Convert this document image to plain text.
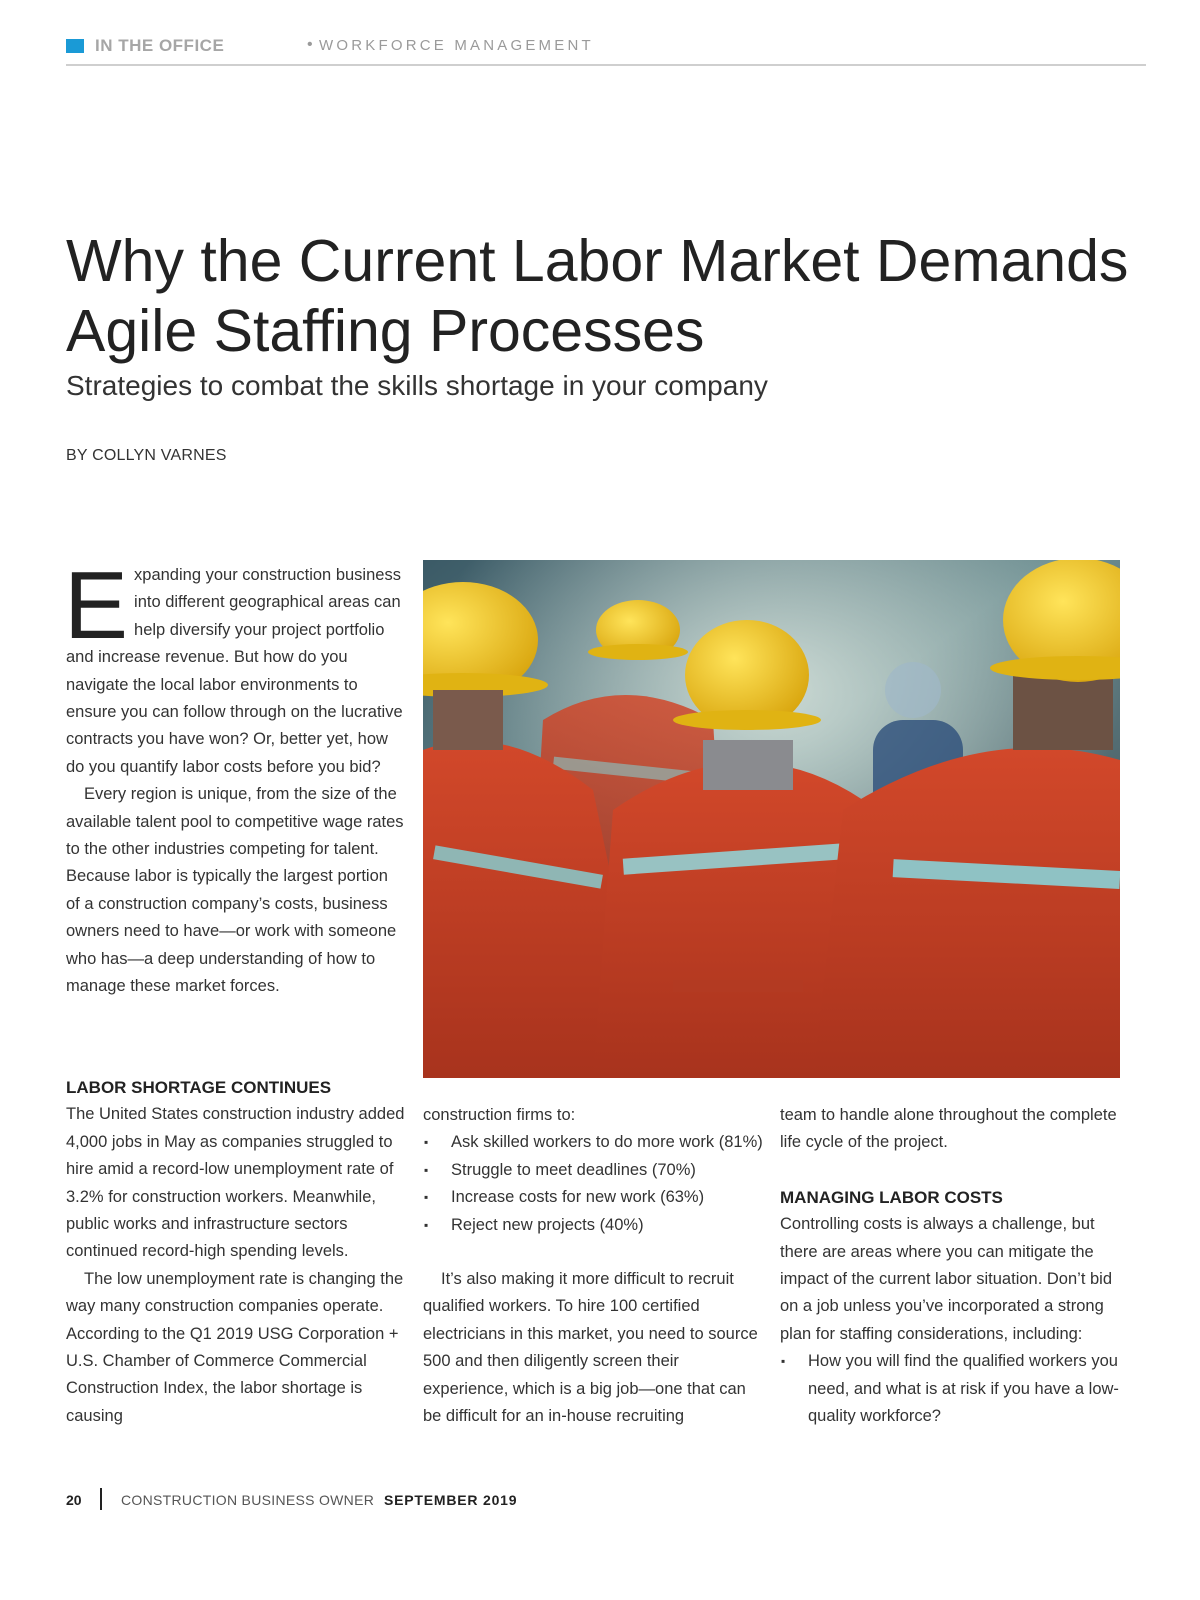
IN THE OFFICE	• WORKFORCE MANAGEMENT
Why the Current Labor Market Demands
Agile Staffing Processes
Strategies to combat the skills shortage in your company
BY COLLYN VARNES

Expanding your construction business into different geographical areas can help diversify your project portfolio and increase revenue. But how do you navigate the local labor environments to ensure you can follow through on the lucrative contracts you have won? Or, better yet, how do you quantify labor costs before you bid?

Every region is unique, from the size of the available talent pool to competitive wage rates to the other industries competing for talent. Because labor is typically the largest portion of a construction company’s costs, business owners need to have—or work with someone who has—a deep understanding of how to manage these market forces.

LABOR SHORTAGE CONTINUES

The United States construction industry added 4,000 jobs in May as companies struggled to hire amid a record-low unemployment rate of 3.2% for construction workers. Meanwhile, public works and infrastructure sectors continued record-high spending levels.

The low unemployment rate is changing the way many construction companies operate. According to the Q1 2019 USG Corporation + U.S. Chamber of Commerce Commercial Construction Index, the labor shortage is causing

construction firms to:

▪ Ask skilled workers to do more work (81%)
▪ Struggle to meet deadlines (70%)
▪ Increase costs for new work (63%)
▪ Reject new projects (40%)

It’s also making it more difficult to recruit qualified workers. To hire 100 certified electricians in this market, you need to source 500 and then diligently screen their experience, which is a big job—one that can be difficult for an in-house recruiting

team to handle alone throughout the complete life cycle of the project.

MANAGING LABOR COSTS

Controlling costs is always a challenge, but there are areas where you can mitigate the impact of the current labor situation. Don’t bid on a job unless you’ve incorporated a strong plan for staffing considerations, including:

▪ How you will find the qualified workers you need, and what is at risk if you have a low-quality workforce?
20	CONSTRUCTION BUSINESS OWNER SEPTEMBER 2019
